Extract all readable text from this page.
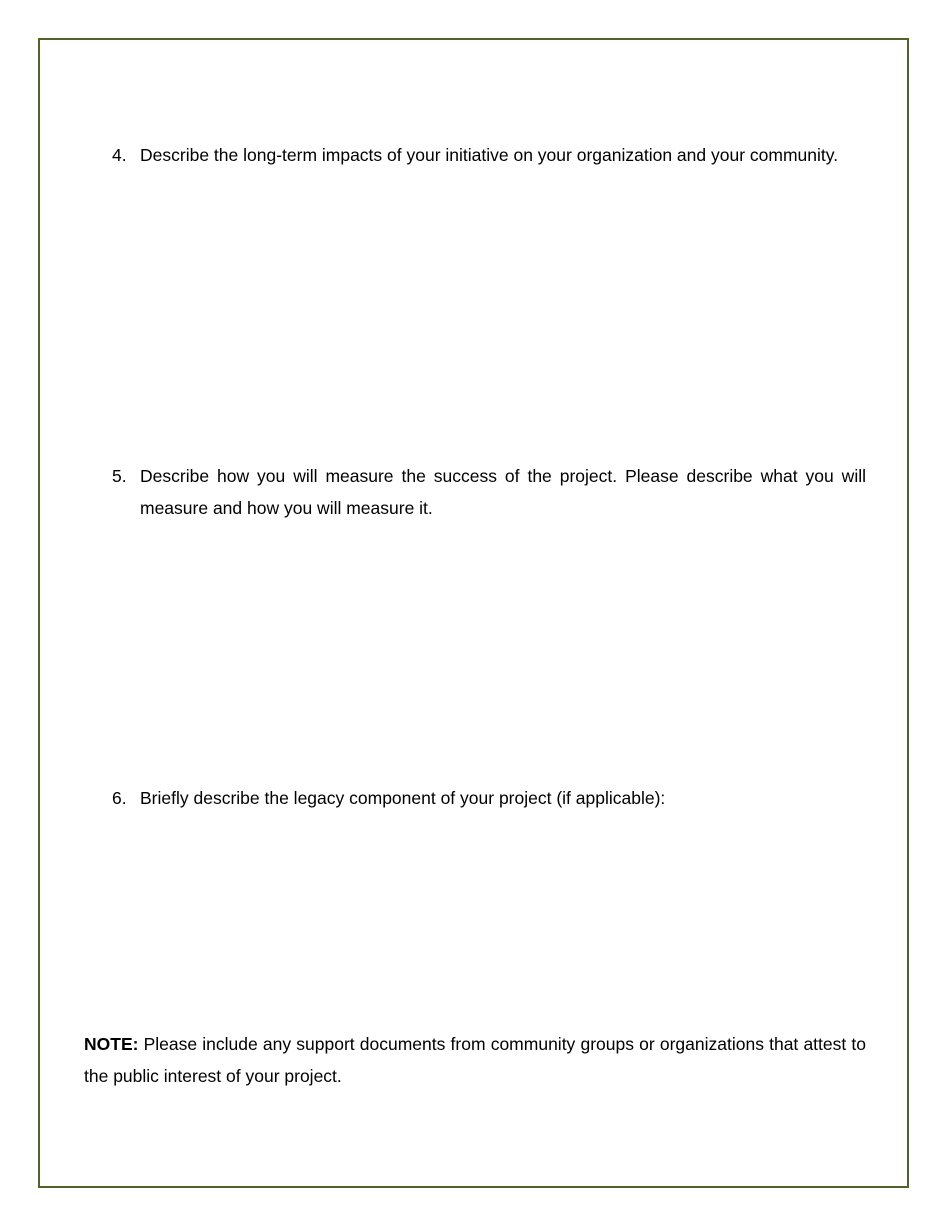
4. Describe the long-term impacts of your initiative on your organization and your community.
5. Describe how you will measure the success of the project. Please describe what you will measure and how you will measure it.
6. Briefly describe the legacy component of your project (if applicable):
NOTE: Please include any support documents from community groups or organizations that attest to the public interest of your project.
